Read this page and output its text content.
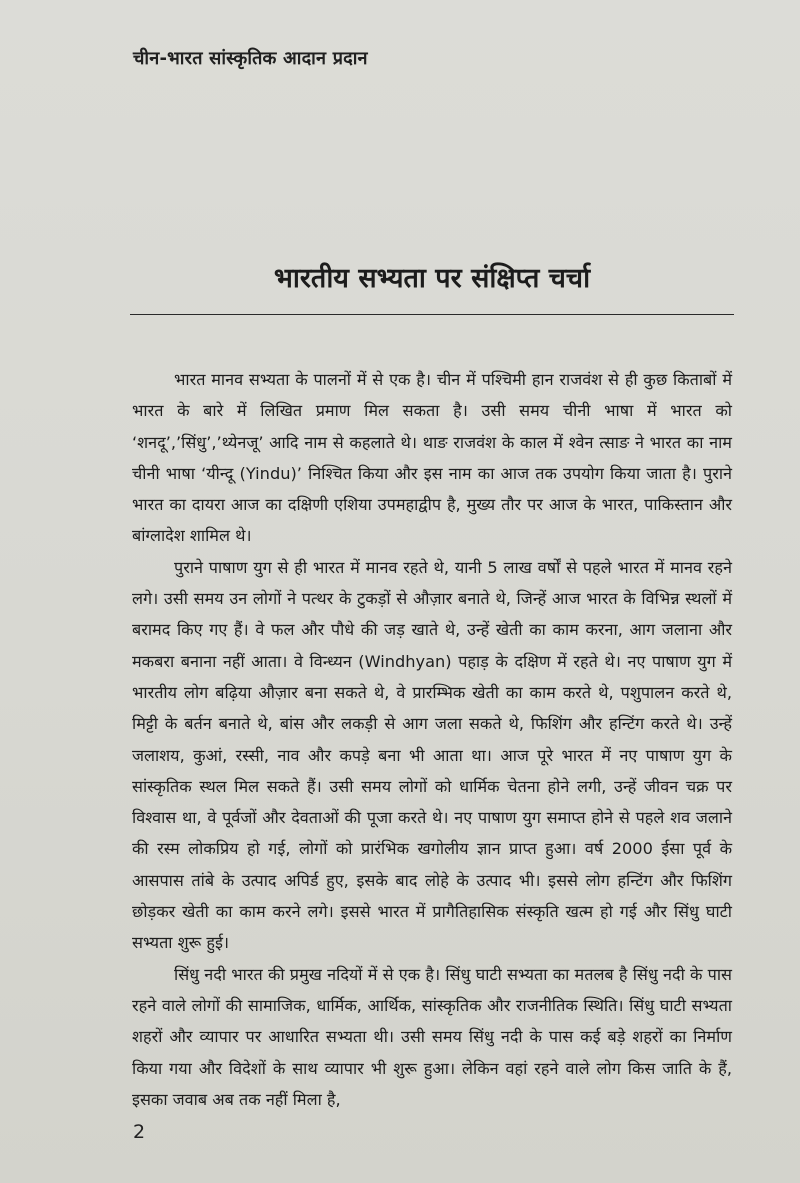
चीन-भारत सांस्कृतिक आदान प्रदान
भारतीय सभ्यता पर संक्षिप्त चर्चा

भारत मानव सभ्यता के पालनों में से एक है। चीन में पश्चिमी हान राजवंश से ही कुछ किताबों में भारत के बारे में लिखित प्रमाण मिल सकता है। उसी समय चीनी भाषा में भारत को ‘शनदू’,’सिंधु’,’थ्येनजू’ आदि नाम से कहलाते थे। थाङ राजवंश के काल में श्वेन त्साङ ने भारत का नाम चीनी भाषा ‘यीन्दू (Yindu)’ निश्चित किया और इस नाम का आज तक उपयोग किया जाता है। पुराने भारत का दायरा आज का दक्षिणी एशिया उपमहाद्वीप है, मुख्य तौर पर आज के भारत, पाकिस्तान और बांग्लादेश शामिल थे।

पुराने पाषाण युग से ही भारत में मानव रहते थे, यानी 5 लाख वर्षों से पहले भारत में मानव रहने लगे। उसी समय उन लोगों ने पत्थर के टुकड़ों से औज़ार बनाते थे, जिन्हें आज भारत के विभिन्न स्थलों में बरामद किए गए हैं। वे फल और पौधे की जड़ खाते थे, उन्हें खेती का काम करना, आग जलाना और मकबरा बनाना नहीं आता। वे विन्ध्यन (Windhyan) पहाड़ के दक्षिण में रहते थे। नए पाषाण युग में भारतीय लोग बढ़िया औज़ार बना सकते थे, वे प्रारम्भिक खेती का काम करते थे, पशुपालन करते थे, मिट्टी के बर्तन बनाते थे, बांस और लकड़ी से आग जला सकते थे, फिशिंग और हन्टिंग करते थे। उन्हें जलाशय, कुआं, रस्सी, नाव और कपड़े बना भी आता था। आज पूरे भारत में नए पाषाण युग के सांस्कृतिक स्थल मिल सकते हैं। उसी समय लोगों को धार्मिक चेतना होने लगी, उन्हें जीवन चक्र पर विश्वास था, वे पूर्वजों और देवताओं की पूजा करते थे। नए पाषाण युग समाप्त होने से पहले शव जलाने की रस्म लोकप्रिय हो गई, लोगों को प्रारंभिक खगोलीय ज्ञान प्राप्त हुआ। वर्ष 2000 ईसा पूर्व के आसपास तांबे के उत्पाद अपिर्ड हुए, इसके बाद लोहे के उत्पाद भी। इससे लोग हन्टिंग और फिशिंग छोड़कर खेती का काम करने लगे। इससे भारत में प्रागैतिहासिक संस्कृति खत्म हो गई और सिंधु घाटी सभ्यता शुरू हुई।

सिंधु नदी भारत की प्रमुख नदियों में से एक है। सिंधु घाटी सभ्यता का मतलब है सिंधु नदी के पास रहने वाले लोगों की सामाजिक, धार्मिक, आर्थिक, सांस्कृतिक और राजनीतिक स्थिति। सिंधु घाटी सभ्यता शहरों और व्यापार पर आधारित सभ्यता थी। उसी समय सिंधु नदी के पास कई बड़े शहरों का निर्माण किया गया और विदेशों के साथ व्यापार भी शुरू हुआ। लेकिन वहां रहने वाले लोग किस जाति के हैं, इसका जवाब अब तक नहीं मिला है,

2
